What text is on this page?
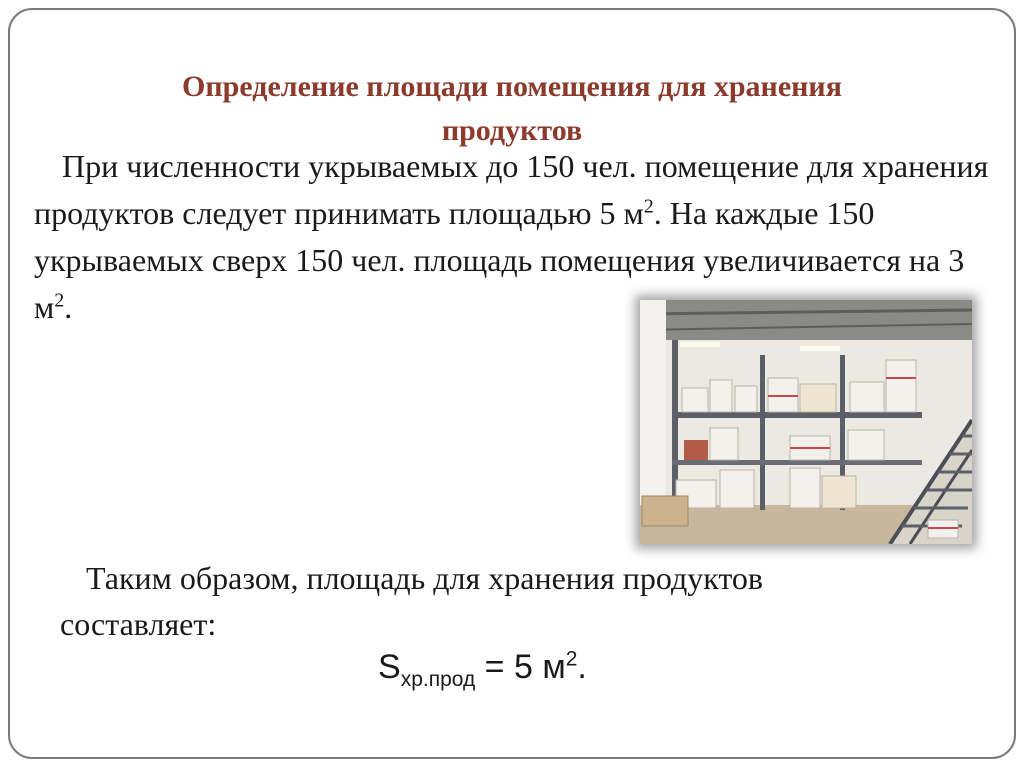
Определение площади помещения для хранения
продуктов

При численности укрываемых до 150 чел. помещение для хранения продуктов следует принимать площадью 5 $м^2$. На каждые 150 укрываемых сверх 150 чел. площадь помещения увеличивается на 3 $м^2$.

Таким образом, площадь для хранения продуктов
составляет:

$S_{хр.прод} = 5$ $м^2$.
